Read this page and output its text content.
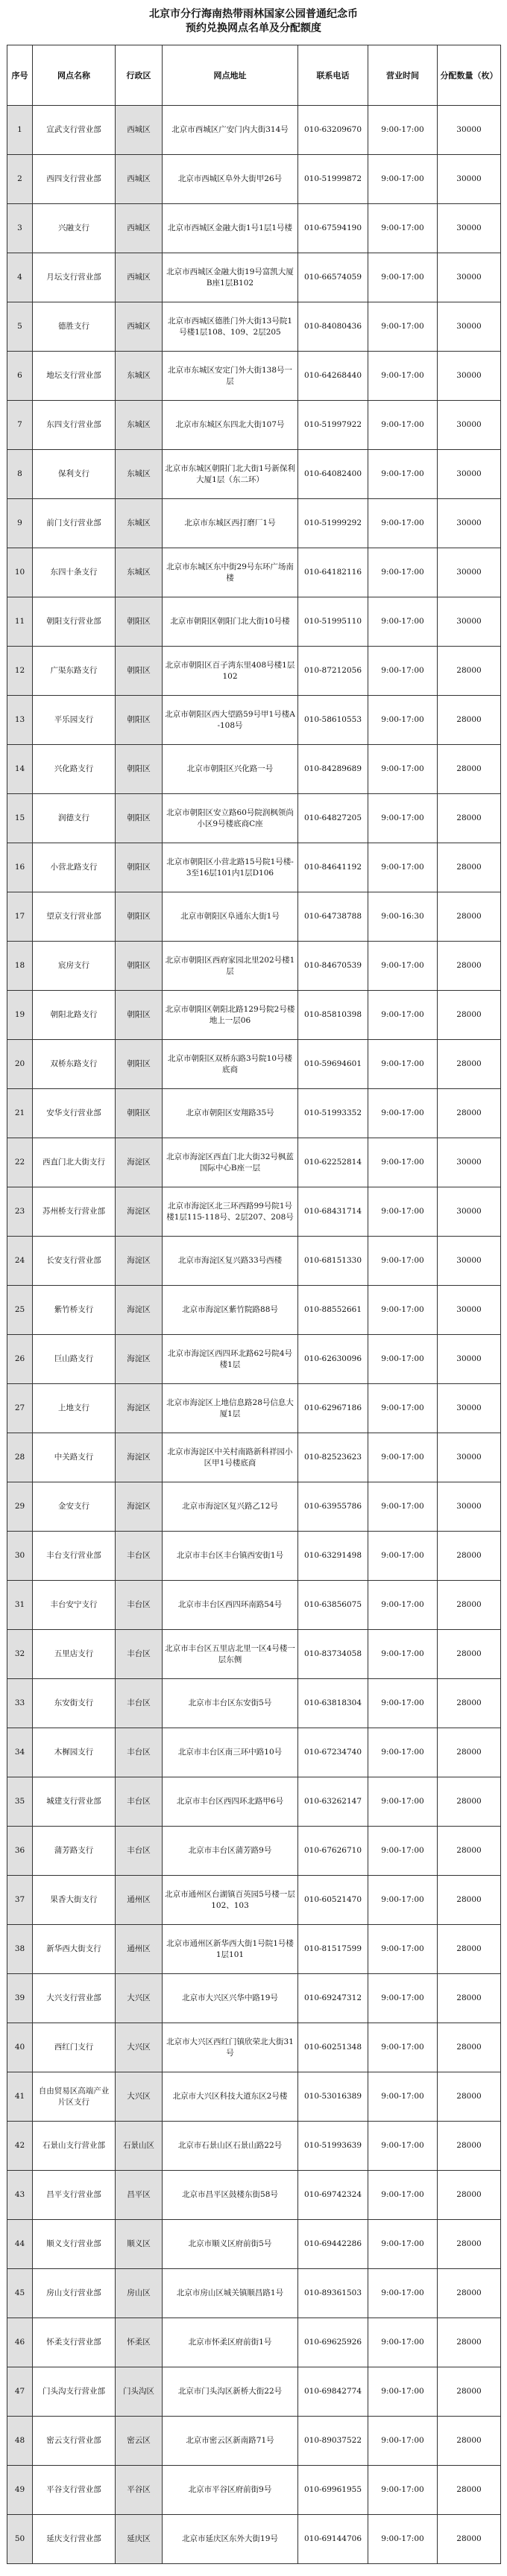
北京市分行海南热带雨林国家公园普通纪念币
预约兑换网点名单及分配额度
序号	网点名称	行政区	网点地址	联系电话	营业时间	分配数量（枚）
1	宣武支行营业部	西城区	北京市西城区广安门内大街314号	010-63209670	9:00-17:00	30000
2	西四支行营业部	西城区	北京市西城区阜外大街甲26号	010-51999872	9:00-17:00	30000
3	兴融支行	西城区	北京市西城区金融大街1号1层1号楼	010-67594190	9:00-17:00	30000
4	月坛支行营业部	西城区	北京市西城区金融大街19号富凯大厦B座1层B102	010-66574059	9:00-17:00	30000
5	德胜支行	西城区	北京市西城区德胜门外大街13号院1号楼1层108、109、2层205	010-84080436	9:00-17:00	30000
6	地坛支行营业部	东城区	北京市东城区安定门外大街138号一层	010-64268440	9:00-17:00	30000
7	东四支行营业部	东城区	北京市东城区东四北大街107号	010-51997922	9:00-17:00	30000
8	保利支行	东城区	北京市东城区朝阳门北大街1号新保利大厦1层（东二环）	010-64082400	9:00-17:00	30000
9	前门支行营业部	东城区	北京市东城区西打磨厂1号	010-51999292	9:00-17:00	30000
10	东四十条支行	东城区	北京市东城区东中街29号东环广场南楼	010-64182116	9:00-17:00	30000
11	朝阳支行营业部	朝阳区	北京市朝阳区朝阳门北大街10号楼	010-51995110	9:00-17:00	30000
12	广渠东路支行	朝阳区	北京市朝阳区百子湾东里408号楼1层102	010-87212056	9:00-17:00	28000
13	平乐园支行	朝阳区	北京市朝阳区西大望路59号甲1号楼A-108号	010-58610553	9:00-17:00	28000
14	兴化路支行	朝阳区	北京市朝阳区兴化路一号	010-84289689	9:00-17:00	28000
15	润德支行	朝阳区	北京市朝阳区安立路60号院润枫领尚小区9号楼底商C座	010-64827205	9:00-17:00	28000
16	小营北路支行	朝阳区	北京市朝阳区小营北路15号院1号楼-3至16层101内1层D106	010-84641192	9:00-17:00	28000
17	望京支行营业部	朝阳区	北京市朝阳区阜通东大街1号	010-64738788	9:00-16:30	28000
18	宸房支行	朝阳区	北京市朝阳区西府家园北里202号楼1层	010-84670539	9:00-17:00	28000
19	朝阳北路支行	朝阳区	北京市朝阳区朝阳北路129号院2号楼地上一层06	010-85810398	9:00-17:00	28000
20	双桥东路支行	朝阳区	北京市朝阳区双桥东路3号院10号楼底商	010-59694601	9:00-17:00	28000
21	安华支行营业部	朝阳区	北京市朝阳区安翔路35号	010-51993352	9:00-17:00	28000
22	西直门北大街支行	海淀区	北京市海淀区西直门北大街32号枫蓝国际中心B座一层	010-62252814	9:00-17:00	30000
23	苏州桥支行营业部	海淀区	北京市海淀区北三环西路99号院1号楼1层115-118号、2层207、208号	010-68431714	9:00-17:00	30000
24	长安支行营业部	海淀区	北京市海淀区复兴路33号西楼	010-68151330	9:00-17:00	30000
25	紫竹桥支行	海淀区	北京市海淀区紫竹院路88号	010-88552661	9:00-17:00	30000
26	巨山路支行	海淀区	北京市海淀区西四环北路62号院4号楼1层	010-62630096	9:00-17:00	30000
27	上地支行	海淀区	北京市海淀区上地信息路28号信息大厦1层	010-62967186	9:00-17:00	30000
28	中关路支行	海淀区	北京市海淀区中关村南路新科祥园小区甲1号楼底商	010-82523623	9:00-17:00	30000
29	金安支行	海淀区	北京市海淀区复兴路乙12号	010-63955786	9:00-17:00	30000
30	丰台支行营业部	丰台区	北京市丰台区丰台镇西安街1号	010-63291498	9:00-17:00	28000
31	丰台安宁支行	丰台区	北京市丰台区西四环南路54号	010-63856075	9:00-17:00	28000
32	五里店支行	丰台区	北京市丰台区五里店北里一区4号楼一层东侧	010-83734058	9:00-17:00	28000
33	东安街支行	丰台区	北京市丰台区东安街5号	010-63818304	9:00-17:00	28000
34	木樨园支行	丰台区	北京市丰台区南三环中路10号	010-67234740	9:00-17:00	28000
35	城建支行营业部	丰台区	北京市丰台区西四环北路甲6号	010-63262147	9:00-17:00	28000
36	蒲芳路支行	丰台区	北京市丰台区蒲芳路9号	010-67626710	9:00-17:00	28000
37	果香大街支行	通州区	北京市通州区台湖镇百英园5号楼一层102、103	010-60521470	9:00-17:00	28000
38	新华西大街支行	通州区	北京市通州区新华西大街1号院1号楼1层101	010-81517599	9:00-17:00	28000
39	大兴支行营业部	大兴区	北京市大兴区兴华中路19号	010-69247312	9:00-17:00	28000
40	西红门支行	大兴区	北京市大兴区西红门镇欣荣北大街31号	010-60251348	9:00-17:00	28000
41	自由贸易区高端产业片区支行	大兴区	北京市大兴区科技大道东区2号楼	010-53016389	9:00-17:00	28000
42	石景山支行营业部	石景山区	北京市石景山区石景山路22号	010-51993639	9:00-17:00	28000
43	昌平支行营业部	昌平区	北京市昌平区鼓楼东街58号	010-69742324	9:00-17:00	28000
44	顺义支行营业部	顺义区	北京市顺义区府前街5号	010-69442286	9:00-17:00	28000
45	房山支行营业部	房山区	北京市房山区城关镇顺昌路1号	010-89361503	9:00-17:00	28000
46	怀柔支行营业部	怀柔区	北京市怀柔区府前街1号	010-69625926	9:00-17:00	28000
47	门头沟支行营业部	门头沟区	北京市门头沟区新桥大街22号	010-69842774	9:00-17:00	28000
48	密云支行营业部	密云区	北京市密云区新南路71号	010-89037522	9:00-17:00	28000
49	平谷支行营业部	平谷区	北京市平谷区府前街9号	010-69961955	9:00-17:00	28000
50	延庆支行营业部	延庆区	北京市延庆区东外大街19号	010-69144706	9:00-17:00	28000
